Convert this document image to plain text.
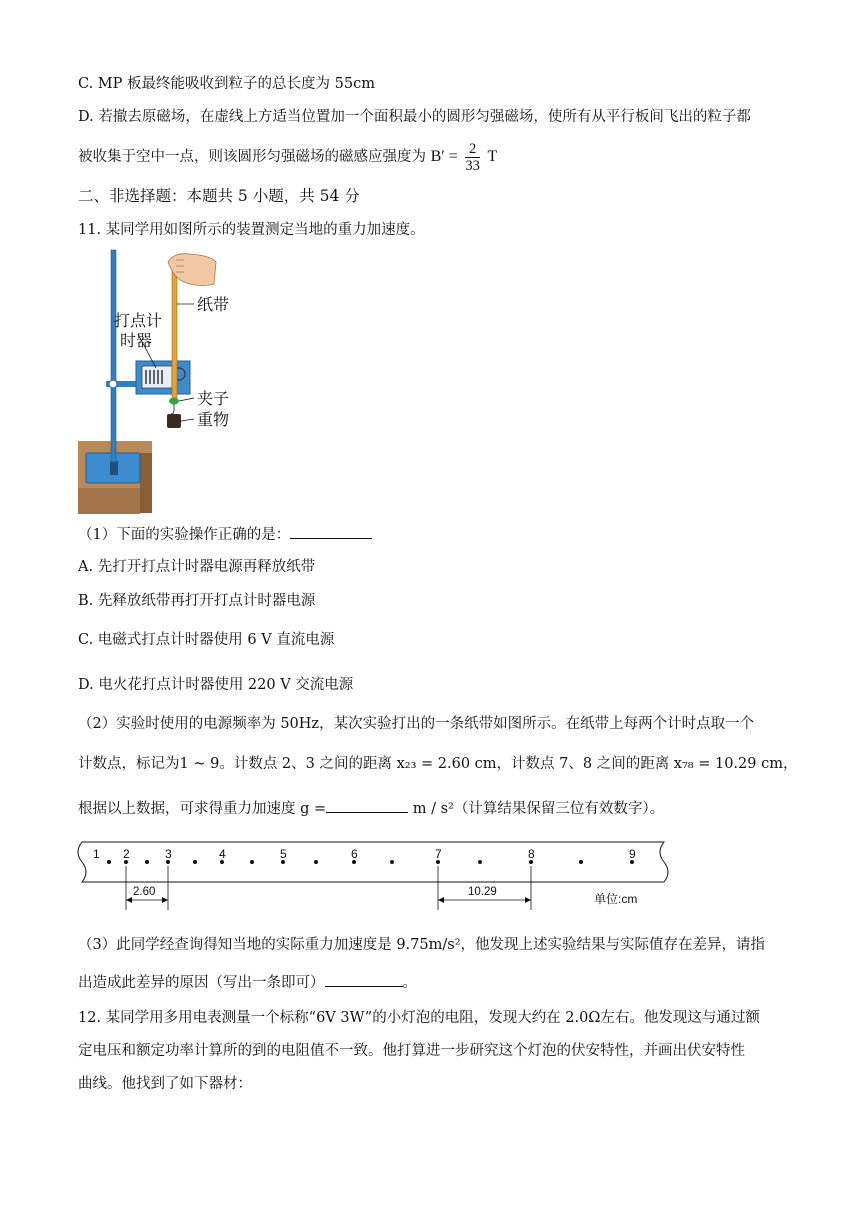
C. MP 板最终能吸收到粒子的总长度为 55cm
D. 若撤去原磁场，在虚线上方适当位置加一个面积最小的圆形匀强磁场，使所有从平行板间飞出的粒子都
被收集于空中一点，则该圆形匀强磁场的磁感应强度为 $B' = \frac{2}{33}$ T
二、非选择题：本题共 5 小题，共 54 分
11. 某同学用如图所示的装置测定当地的重力加速度。
纸带
打点计
时器
夹子
重物
（1）下面的实验操作正确的是：
A. 先打开打点计时器电源再释放纸带
B. 先释放纸带再打开打点计时器电源
C. 电磁式打点计时器使用 6 V 直流电源
D. 电火花打点计时器使用 220 V 交流电源
（2）实验时使用的电源频率为 50Hz，某次实验打出的一条纸带如图所示。在纸带上每两个计时点取一个
计数点，标记为1 ~ 9。计数点 2、3 之间的距离 x₂₃ = 2.60 cm，计数点 7、8 之间的距离 x₇₈ = 10.29 cm，
根据以上数据，可求得重力加速度 g =	m / s²（计算结果保留三位有效数字）。
1 2	3	4	5	6	7	8	9
2.60	10.29	单位:cm
（3）此同学经查询得知当地的实际重力加速度是 9.75m/s²，他发现上述实验结果与实际值存在差异，请指
出造成此差异的原因（写出一条即可）	。
12. 某同学用多用电表测量一个标称“6V 3W”的小灯泡的电阻，发现大约在 2.0Ω左右。他发现这与通过额
定电压和额定功率计算所的到的电阻值不一致。他打算进一步研究这个灯泡的伏安特性，并画出伏安特性
曲线。他找到了如下器材：
